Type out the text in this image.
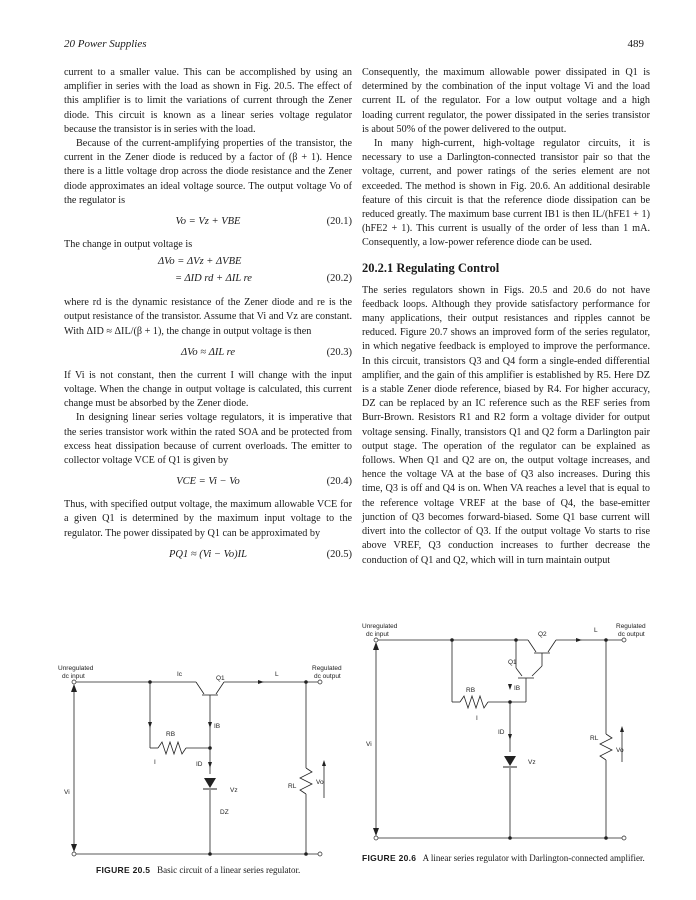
20 Power Supplies	489

current to a smaller value. This can be accomplished by using an amplifier in series with the load as shown in Fig. 20.5. The effect of this amplifier is to limit the variations of current through the Zener diode. This circuit is known as a linear series voltage regulator because the transistor is in series with the load.

Because of the current-amplifying properties of the transistor, the current in the Zener diode is reduced by a factor of (β + 1). Hence there is a little voltage drop across the diode resistance and the Zener diode approximates an ideal voltage source. The output voltage Vo of the regulator is

Vo = Vz + VBE	(20.1)

The change in output voltage is

ΔVo = ΔVz + ΔVBE
= ΔID rd + ΔIL re	(20.2)

where rd is the dynamic resistance of the Zener diode and re is the output resistance of the transistor. Assume that Vi and Vz are constant. With ΔID ≈ ΔIL/(β + 1), the change in output voltage is then

ΔVo ≈ ΔIL re	(20.3)

If Vi is not constant, then the current I will change with the input voltage. When the change in output voltage is calculated, this current change must be absorbed by the Zener diode.

In designing linear series voltage regulators, it is imperative that the series transistor work within the rated SOA and be protected from excess heat dissipation because of current overloads. The emitter to collector voltage VCE of Q1 is given by

VCE = Vi − Vo	(20.4)

Thus, with specified output voltage, the maximum allowable VCE for a given Q1 is determined by the maximum input voltage to the regulator. The power dissipated by Q1 can be approximated by

PQ1 ≈ (Vi − Vo)IL	(20.5)

Consequently, the maximum allowable power dissipated in Q1 is determined by the combination of the input voltage Vi and the load current IL of the regulator. For a low output voltage and a high loading current regulator, the power dissipated in the series transistor is about 50% of the power delivered to the output.

In many high-current, high-voltage regulator circuits, it is necessary to use a Darlington-connected transistor pair so that the voltage, current, and power ratings of the series element are not exceeded. The method is shown in Fig. 20.6. An additional desirable feature of this circuit is that the reference diode dissipation can be reduced greatly. The maximum base current IB1 is then IL/(hFE1 + 1)(hFE2 + 1). This current is usually of the order of less than 1 mA. Consequently, a low-power reference diode can be used.

20.2.1 Regulating Control

The series regulators shown in Figs. 20.5 and 20.6 do not have feedback loops. Although they provide satisfactory performance for many applications, their output resistances and ripples cannot be reduced. Figure 20.7 shows an improved form of the series regulator, in which negative feedback is employed to improve the performance. In this circuit, transistors Q3 and Q4 form a single-ended differential amplifier, and the gain of this amplifier is established by R5. Here DZ is a stable Zener diode reference, biased by R4. For higher accuracy, DZ can be replaced by an IC reference such as the REF series from Burr-Brown. Resistors R1 and R2 form a voltage divider for output voltage sensing. Finally, transistors Q1 and Q2 form a Darlington pair output stage. The operation of the regulator can be explained as follows. When Q1 and Q2 are on, the output voltage increases, and hence the voltage VA at the base of Q3 also increases. During this time, Q3 is off and Q4 is on. When VA reaches a level that is equal to the reference voltage VREF at the base of Q4, the base-emitter junction of Q3 becomes forward-biased. Some Q1 base current will divert into the collector of Q3. If the output voltage Vo starts to rise above VREF, Q3 conduction increases to further decrease the conduction of Q1 and Q2, which will in turn maintain output

Unregulated
dc input
Regulated
dc output
Vi
Ic
Q1
L
RB
IB
I	ID
DZ
Vz
RL
Vo
FIGURE 20.5 Basic circuit of a linear series regulator.
Unregulated
dc input
Regulated
dc output
Vi
Q1
Q2
L
RB	IB
I
ID
Vz
RL
Vo
FIGURE 20.6 A linear series regulator with Darlington-connected amplifier.
